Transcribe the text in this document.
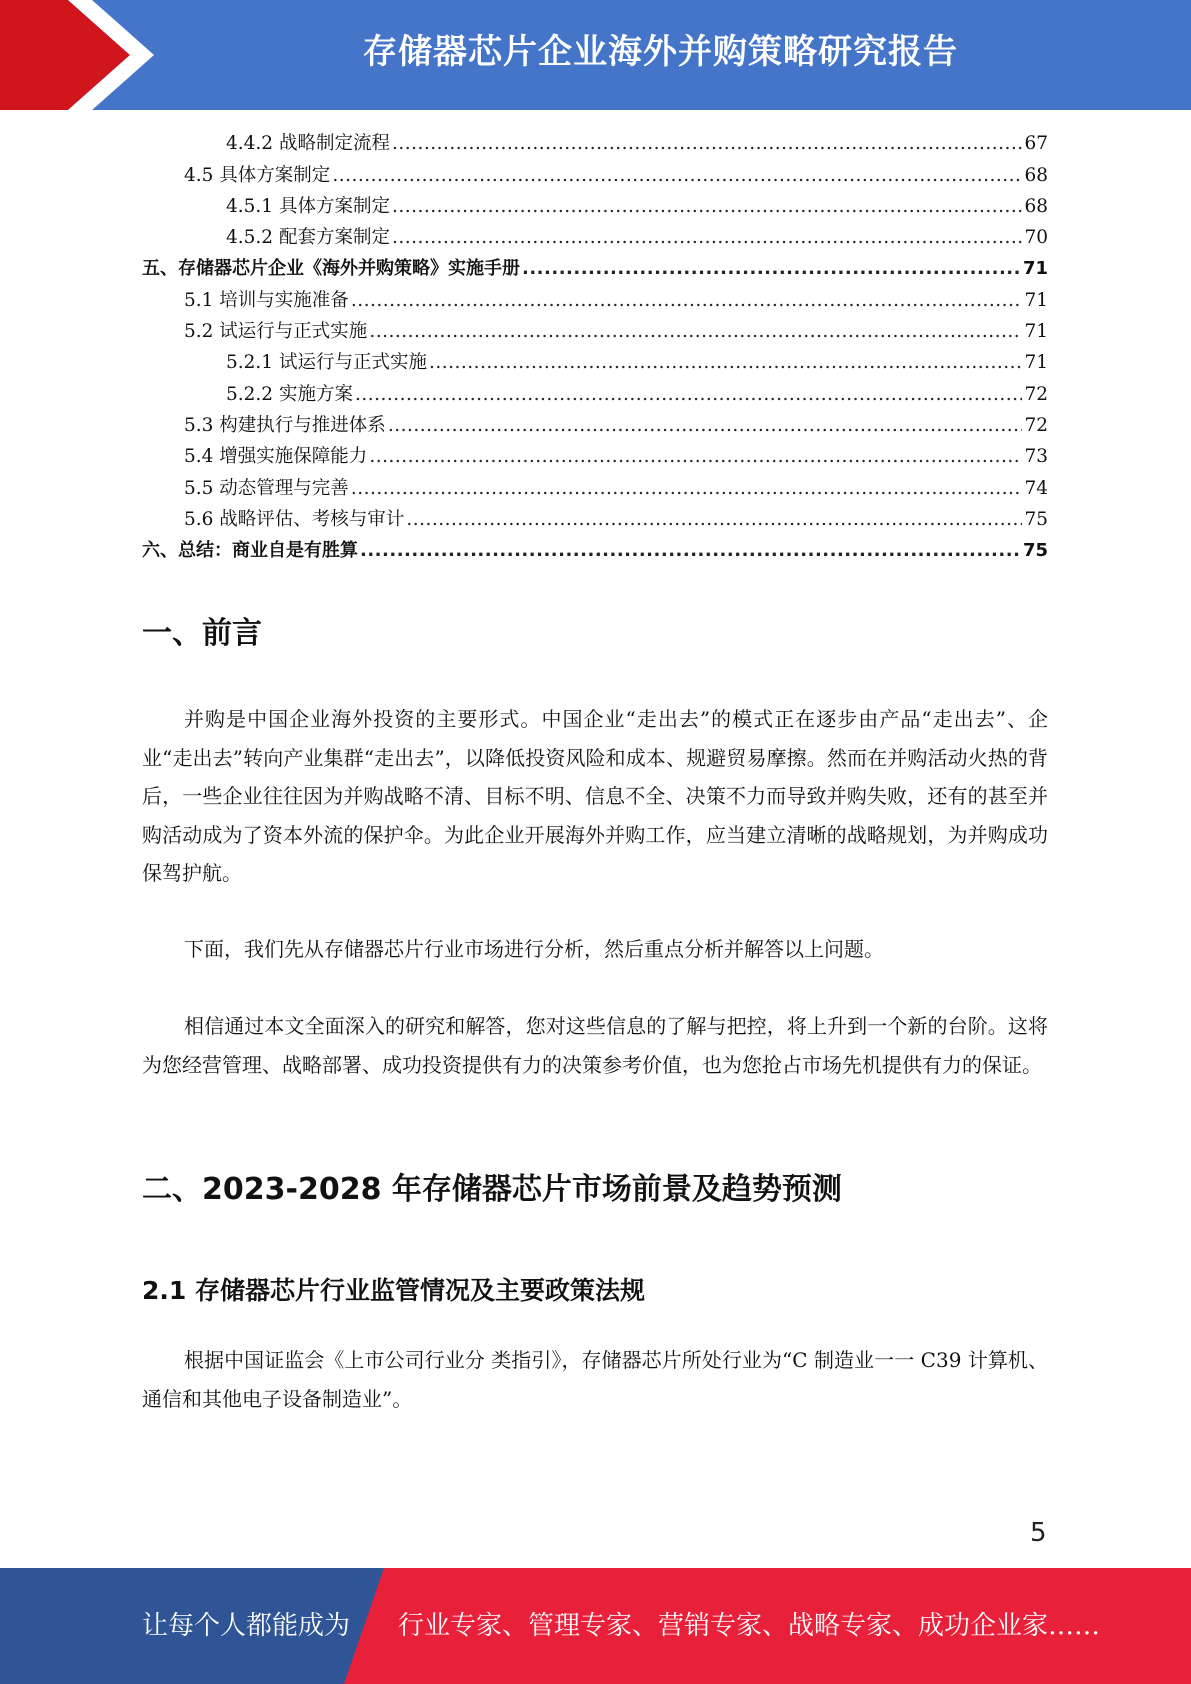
存储器芯片企业海外并购策略研究报告
4.4.2 战略制定流程 .....	67
4.5 具体方案制定 .....	68
4.5.1 具体方案制定 .....	68
4.5.2 配套方案制定 .....	70
五、存储器芯片企业《海外并购策略》实施手册 .....	71
5.1 培训与实施准备 .....	71
5.2 试运行与正式实施 .....	71
5.2.1 试运行与正式实施 .....	71
5.2.2 实施方案 .....	72
5.3 构建执行与推进体系 .....	72
5.4 增强实施保障能力 .....	73
5.5 动态管理与完善 .....	74
5.6 战略评估、考核与审计 .....	75
六、总结：商业自是有胜算 .....	75
一、前言

并购是中国企业海外投资的主要形式。中国企业“走出去”的模式正在逐步由产品“走出去”、企业“走出去”转向产业集群“走出去”，以降低投资风险和成本、规避贸易摩擦。然而在并购活动火热的背后，一些企业往往因为并购战略不清、目标不明、信息不全、决策不力而导致并购失败，还有的甚至并购活动成为了资本外流的保护伞。为此企业开展海外并购工作，应当建立清晰的战略规划，为并购成功保驾护航。

下面，我们先从存储器芯片行业市场进行分析，然后重点分析并解答以上问题。

相信通过本文全面深入的研究和解答，您对这些信息的了解与把控，将上升到一个新的台阶。这将为您经营管理、战略部署、成功投资提供有力的决策参考价值，也为您抢占市场先机提供有力的保证。

二、2023-2028 年存储器芯片市场前景及趋势预测
2.1 存储器芯片行业监管情况及主要政策法规

根据中国证监会《上市公司行业分 类指引》，存储器芯片所处行业为“C 制造业一一 C39 计算机、通信和其他电子设备制造业”。

5
让每个人都能成为 行业专家、管理专家、营销专家、战略专家、成功企业家……
